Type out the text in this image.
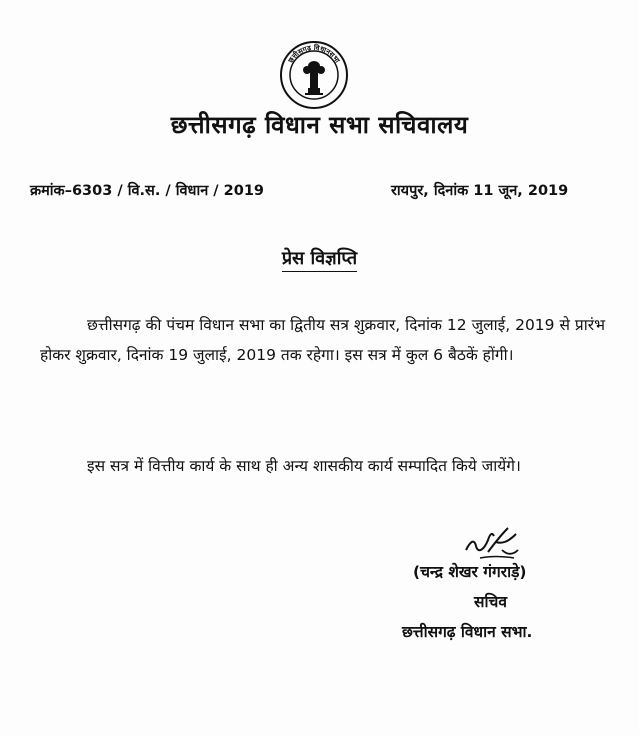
छत्तीसगढ़ विधानसभा
छत्तीसगढ़ विधान सभा सचिवालय
क्रमांक–6303 / वि.स. / विधान / 2019	रायपुर, दिनांक 11 जून, 2019
प्रेस विज्ञप्ति
छत्तीसगढ़ की पंचम विधान सभा का द्वितीय सत्र शुक्रवार, दिनांक 12 जुलाई, 2019 से प्रारंभ होकर शुक्रवार, दिनांक 19 जुलाई, 2019 तक रहेगा। इस सत्र में कुल 6 बैठकें होंगी।
इस सत्र में वित्तीय कार्य के साथ ही अन्य शासकीय कार्य सम्पादित किये जायेंगे।
(चन्द्र शेखर गंगराड़े)
सचिव
छत्तीसगढ़ विधान सभा.
